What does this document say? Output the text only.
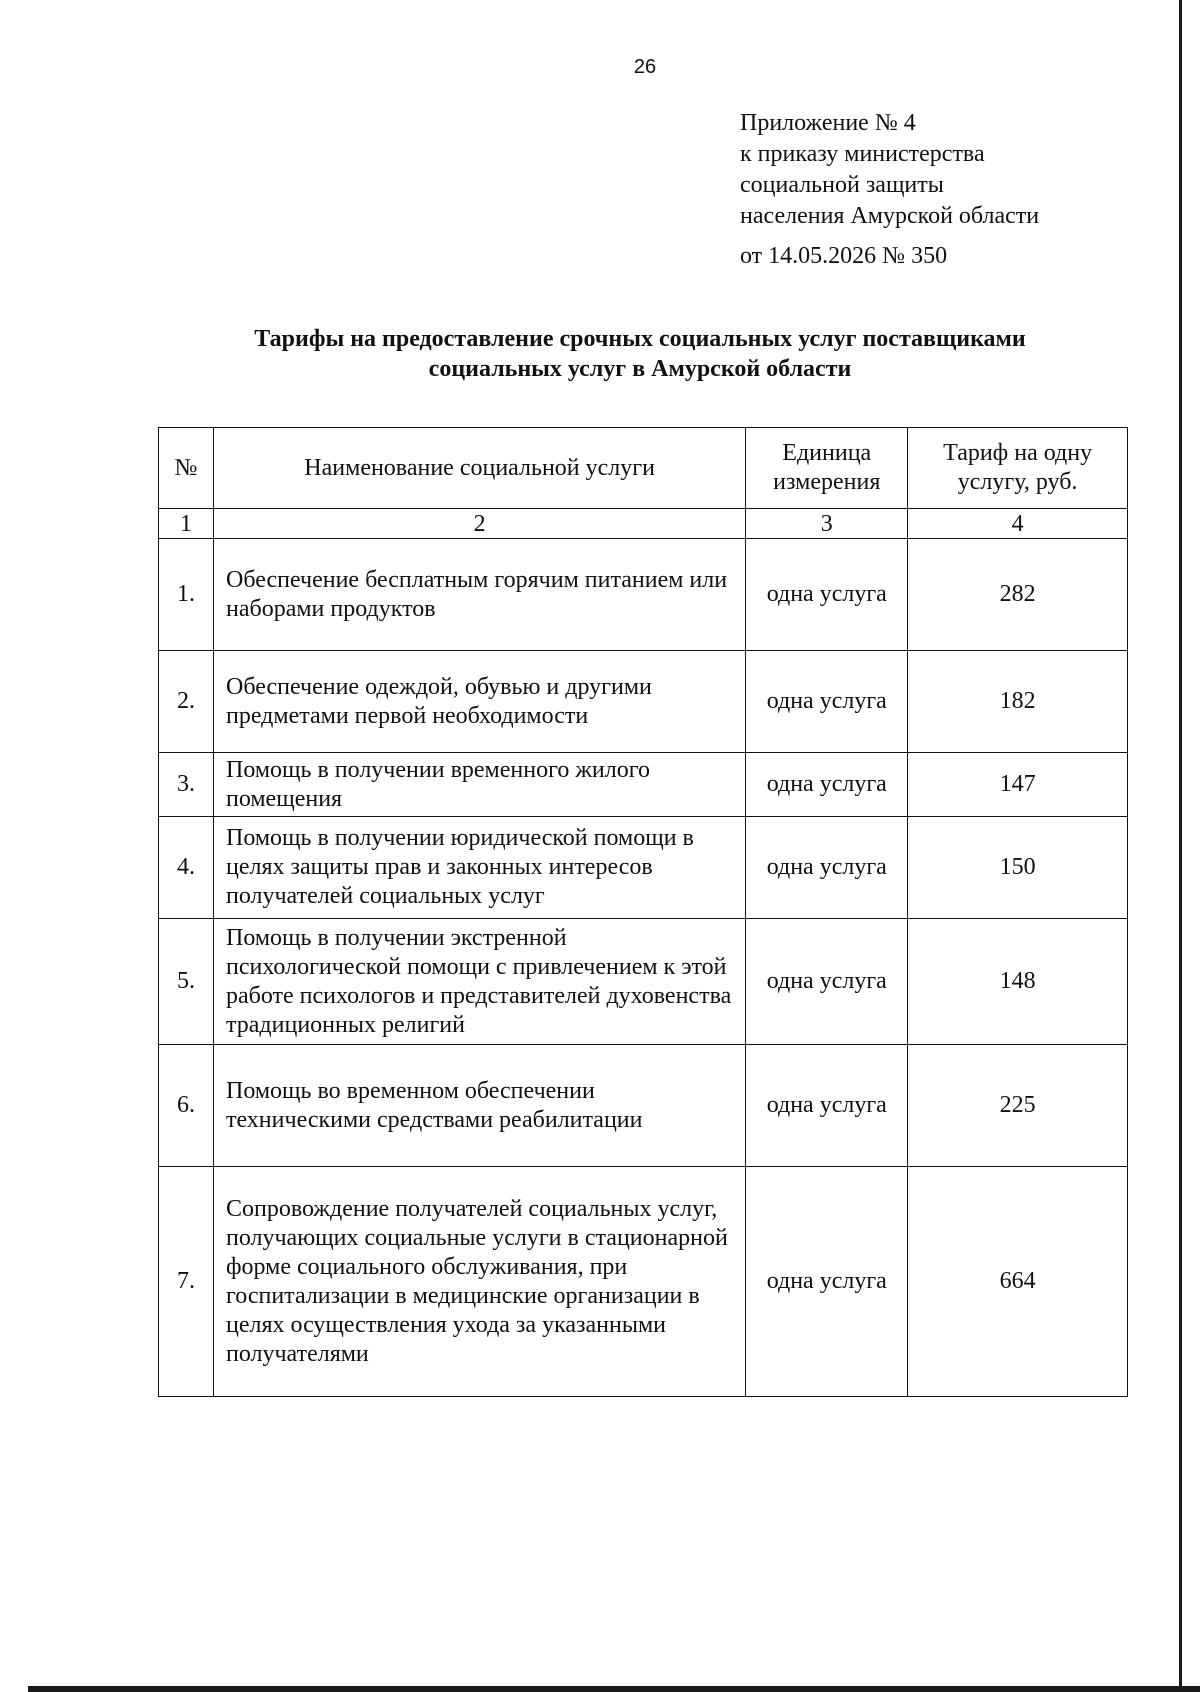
26
Приложение № 4
к приказу министерства
социальной защиты
населения Амурской области
от 14.05.2026 № 350
Тарифы на предоставление срочных социальных услуг поставщиками
социальных услуг в Амурской области
№	Наименование социальной услуги	Единица измерения	Тариф на одну услугу, руб.
1	2	3	4
1.	Обеспечение бесплатным горячим питанием или наборами продуктов	одна услуга	282
2.	Обеспечение одеждой, обувью и другими предметами первой необходимости	одна услуга	182
3.	Помощь в получении временного жилого помещения	одна услуга	147
4.	Помощь в получении юридической помощи в целях защиты прав и законных интересов получателей социальных услуг	одна услуга	150
5.	Помощь в получении экстренной психологической помощи с привлечением к этой работе психологов и представителей духовенства традиционных религий	одна услуга	148
6.	Помощь во временном обеспечении техническими средствами реабилитации	одна услуга	225
7.	Сопровождение получателей социальных услуг, получающих социальные услуги в стационарной форме социального обслуживания, при госпитализации в медицинские организации в целях осуществления ухода за указанными получателями	одна услуга	664
